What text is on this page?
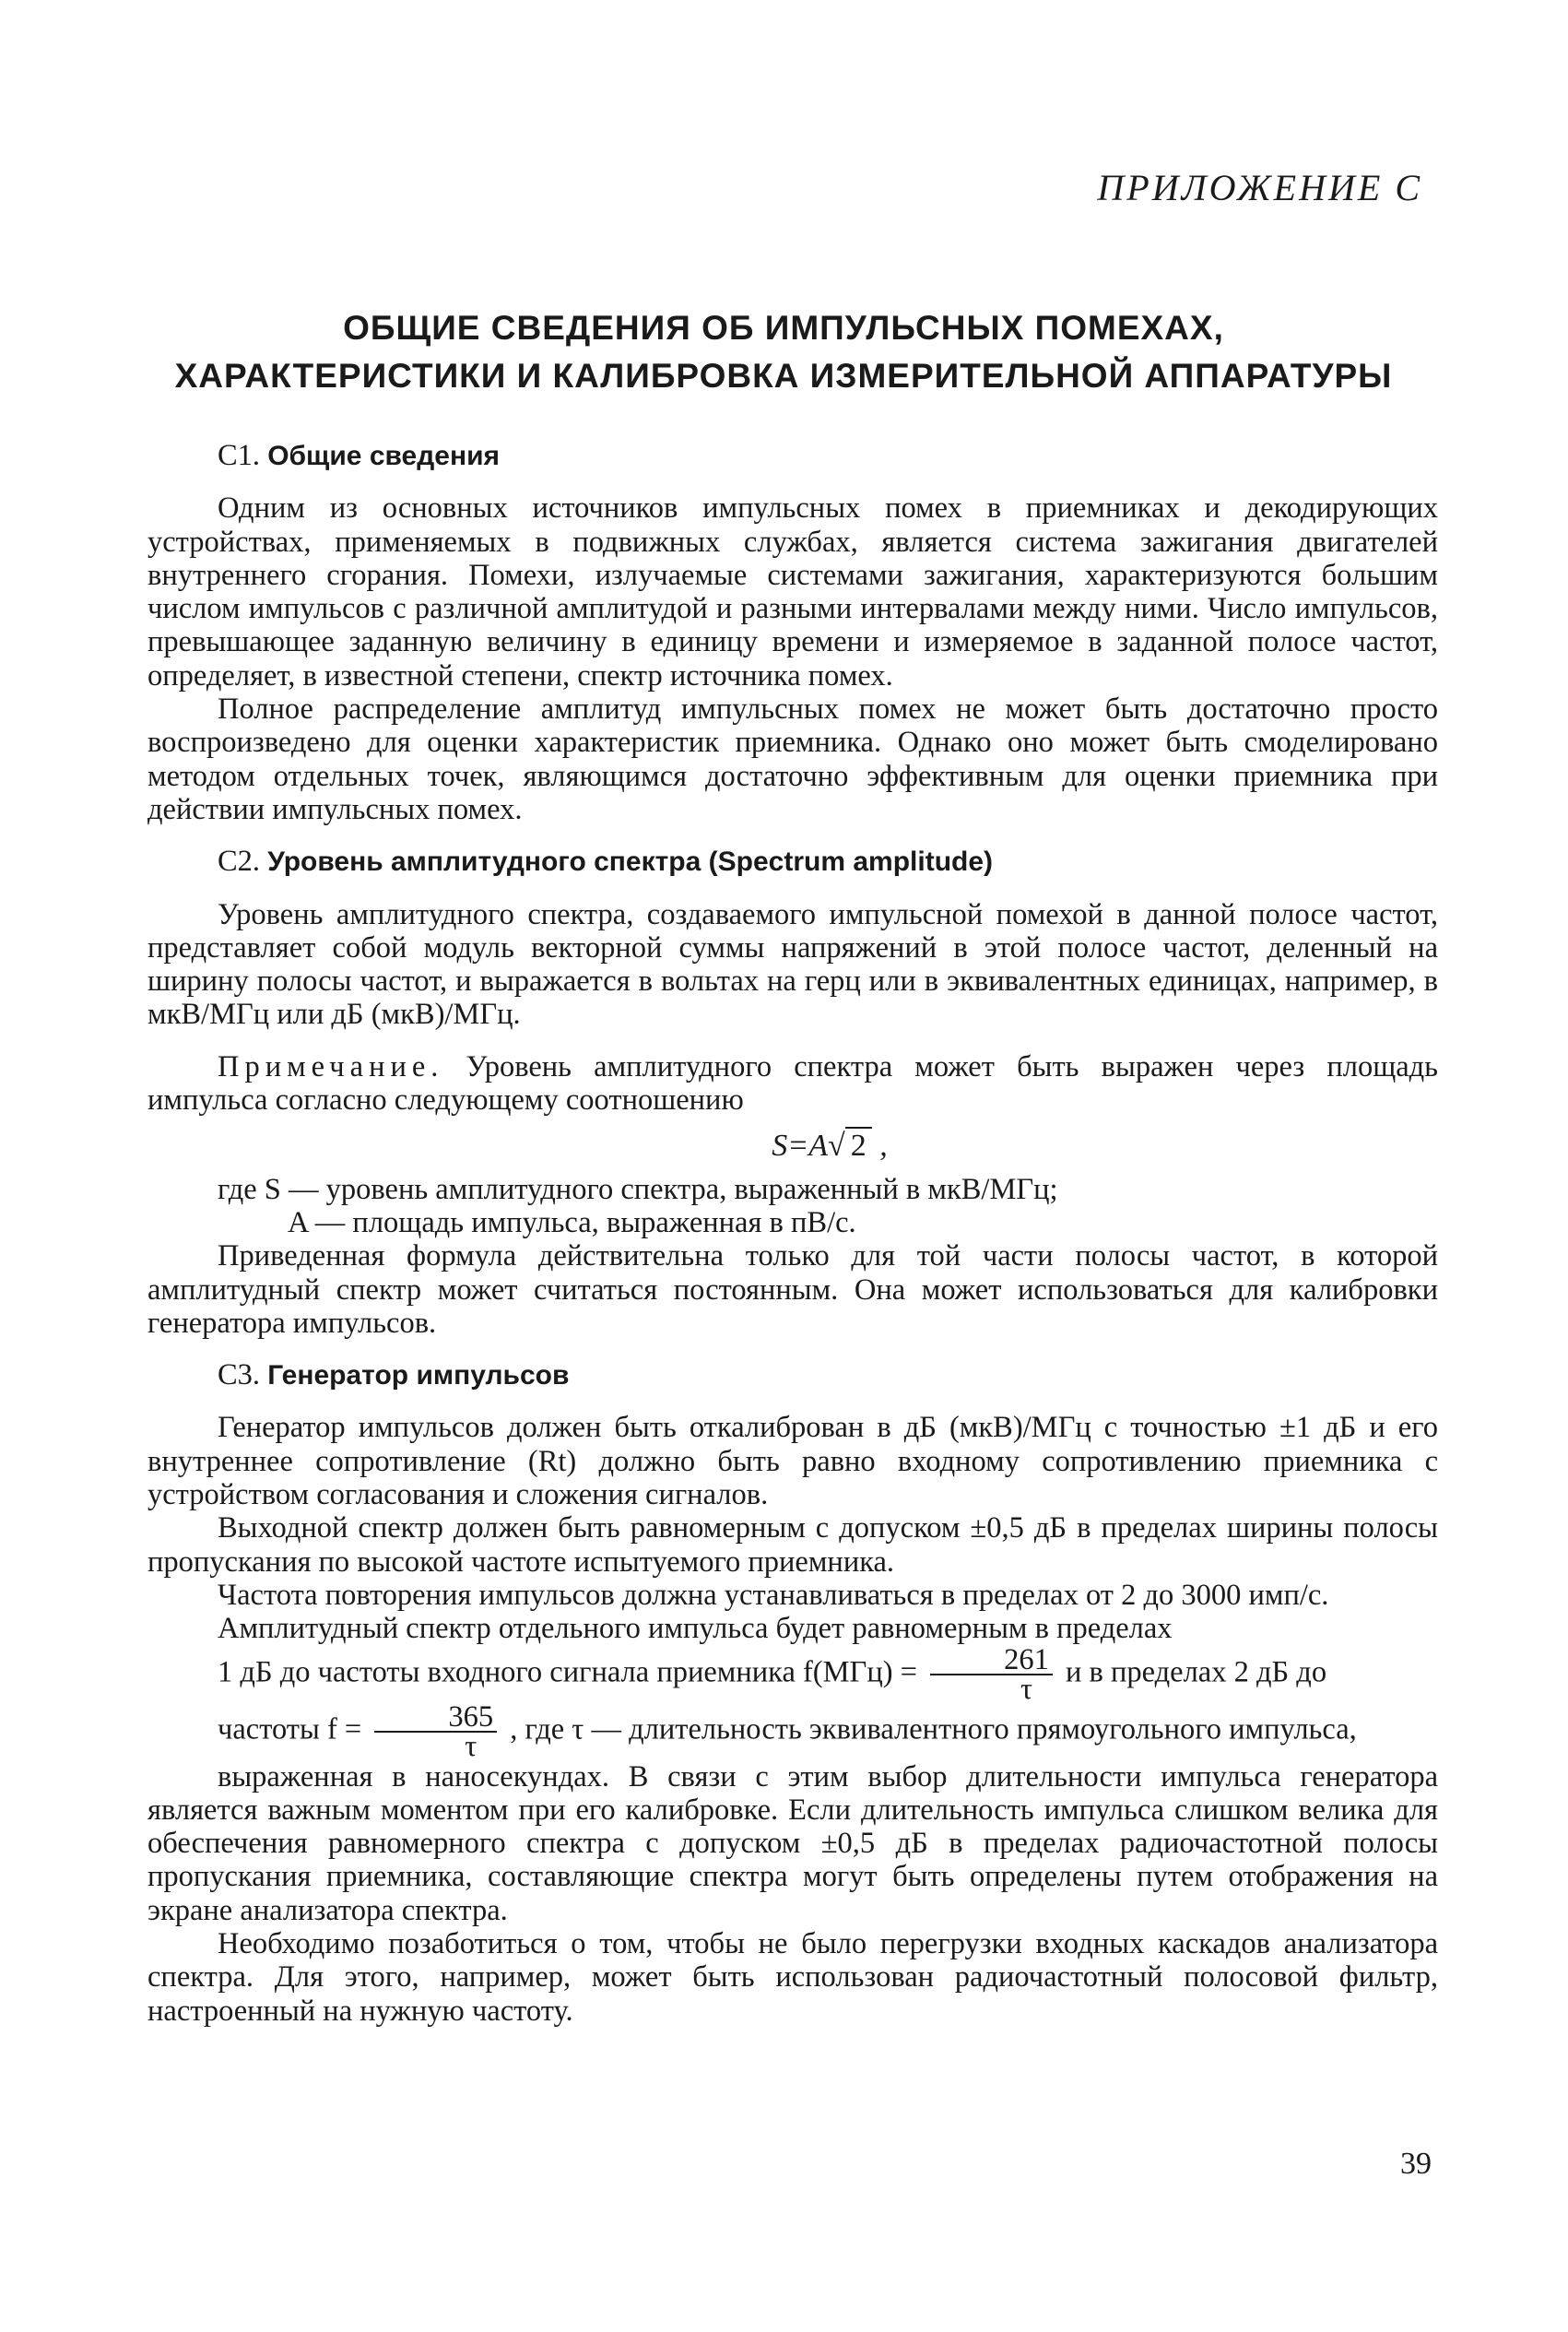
ПРИЛОЖЕНИЕ С
ОБЩИЕ СВЕДЕНИЯ ОБ ИМПУЛЬСНЫХ ПОМЕХАХ,
ХАРАКТЕРИСТИКИ И КАЛИБРОВКА ИЗМЕРИТЕЛЬНОЙ АППАРАТУРЫ
С1. Общие сведения

Одним из основных источников импульсных помех в приемниках и декодирующих устройствах, применяемых в подвижных службах, является система зажигания двигателей внутреннего сгорания. Помехи, излучаемые системами зажигания, характеризуются большим числом импульсов с различной амплитудой и разными интервалами между ними. Число импульсов, превышающее заданную величину в единицу времени и измеряемое в заданной полосе частот, определяет, в известной степени, спектр источника помех.

Полное распределение амплитуд импульсных помех не может быть достаточно просто воспроизведено для оценки характеристик приемника. Однако оно может быть смоделировано методом отдельных точек, являющимся достаточно эффективным для оценки приемника при действии импульсных помех.

С2. Уровень амплитудного спектра (Spectrum amplitude)

Уровень амплитудного спектра, создаваемого импульсной помехой в данной полосе частот, представляет собой модуль векторной суммы напряжений в этой полосе частот, деленный на ширину полосы частот, и выражается в вольтах на герц или в эквивалентных единицах, например, в мкВ/МГц или дБ (мкВ)/МГц.

Примечание. Уровень амплитудного спектра может быть выражен через площадь импульса согласно следующему соотношению

S=A√ 2 ,

где S — уровень амплитудного спектра, выраженный в мкВ/МГц;

A — площадь импульса, выраженная в пВ/с.

Приведенная формула действительна только для той части полосы частот, в которой амплитудный спектр может считаться постоянным. Она может использоваться для калибровки генератора импульсов.

С3. Генератор импульсов

Генератор импульсов должен быть откалиброван в дБ (мкВ)/МГц с точностью ±1 дБ и его внутреннее сопротивление (Rt) должно быть равно входному сопротивлению приемника с устройством согласования и сложения сигналов.

Выходной спектр должен быть равномерным с допуском ±0,5 дБ в пределах ширины полосы пропускания по высокой частоте испытуемого приемника.

Частота повторения импульсов должна устанавливаться в пределах от 2 до 3000 имп/с.

Амплитудный спектр отдельного импульса будет равномерным в пределах

1 дБ до частоты входного сигнала приемника $f(МГц) = \frac{261}{\tau}$ и в пределах 2 дБ до

частоты $f = \frac{365}{\tau}$ , где τ — длительность эквивалентного прямоугольного импульса,

выраженная в наносекундах. В связи с этим выбор длительности импульса генератора является важным моментом при его калибровке. Если длительность импульса слишком велика для обеспечения равномерного спектра с допуском ±0,5 дБ в пределах радиочастотной полосы пропускания приемника, составляющие спектра могут быть определены путем отображения на экране анализатора спектра.

Необходимо позаботиться о том, чтобы не было перегрузки входных каскадов анализатора спектра. Для этого, например, может быть использован радиочастотный полосовой фильтр, настроенный на нужную частоту.

39
